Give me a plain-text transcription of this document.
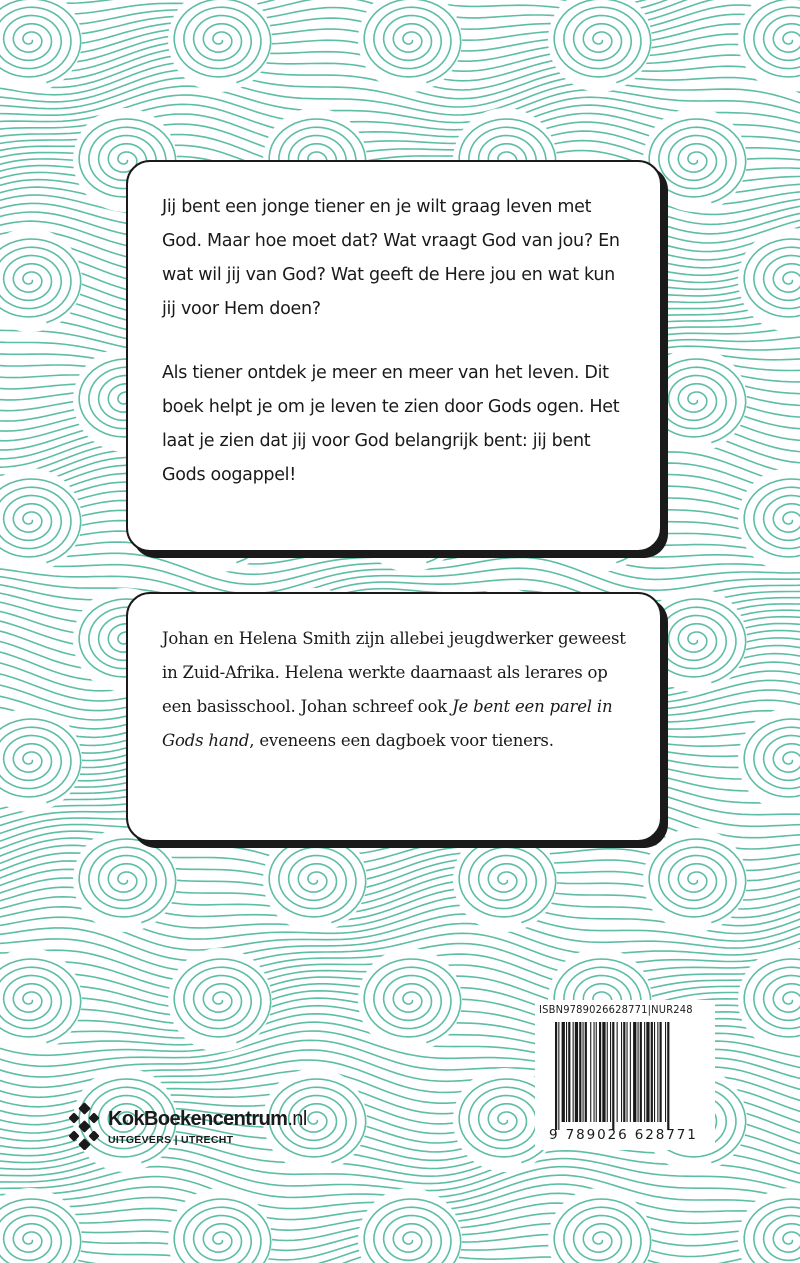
Jij bent een jonge tiener en je wilt graag leven met God. Maar hoe moet dat? Wat vraagt God van jou? En wat wil jij van God? Wat geeft de Here jou en wat kun jij voor Hem doen?

Als tiener ontdek je meer en meer van het leven. Dit boek helpt je om je leven te zien door Gods ogen. Het laat je zien dat jij voor God belangrijk bent: jij bent Gods oogappel!

Johan en Helena Smith zijn allebei jeugdwerker geweest in Zuid-Afrika. Helena werkte daarnaast als lerares op een basisschool. Johan schreef ook Je bent een parel in Gods hand, eveneens een dagboek voor tieners.

ISBN9789026628771|NUR248
9 789026 628771
KokBoekencentrum.nl
UITGEVERS | UTRECHT
